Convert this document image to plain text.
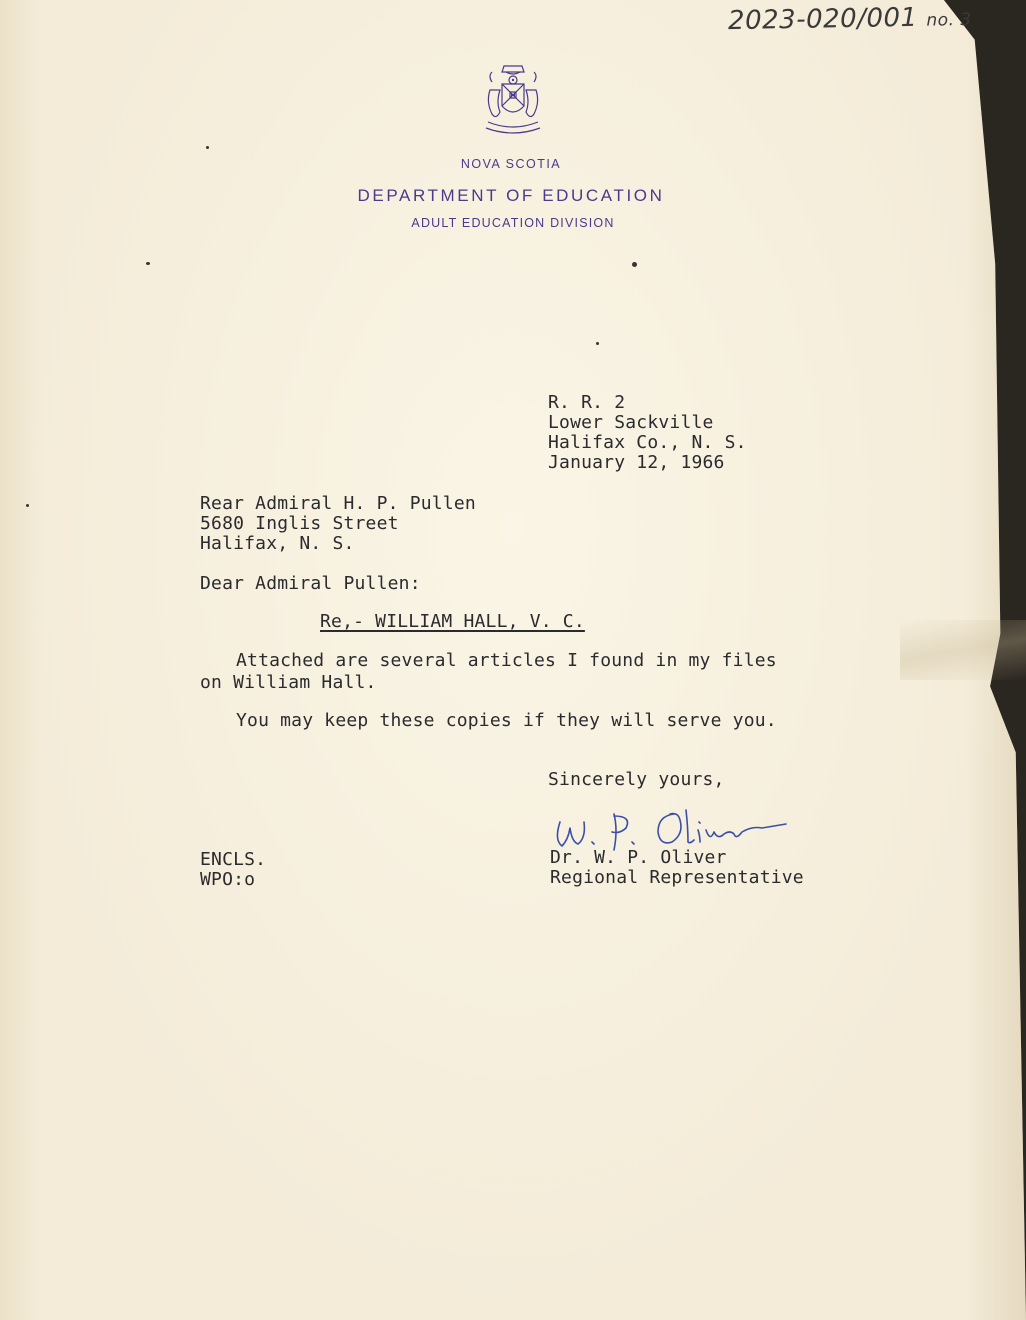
2023-020/001 no. 3
NOVA SCOTIA
DEPARTMENT OF EDUCATION
ADULT EDUCATION DIVISION
R. R. 2
Lower Sackville
Halifax Co., N. S.
January 12, 1966
Rear Admiral H. P. Pullen
5680 Inglis Street
Halifax, N. S.
Dear Admiral Pullen:
Re,- WILLIAM HALL, V. C.
Attached are several articles I found in my files
on William Hall.
You may keep these copies if they will serve you.
Sincerely yours,
Dr. W. P. Oliver
Regional Representative
ENCLS.
WPO:o
